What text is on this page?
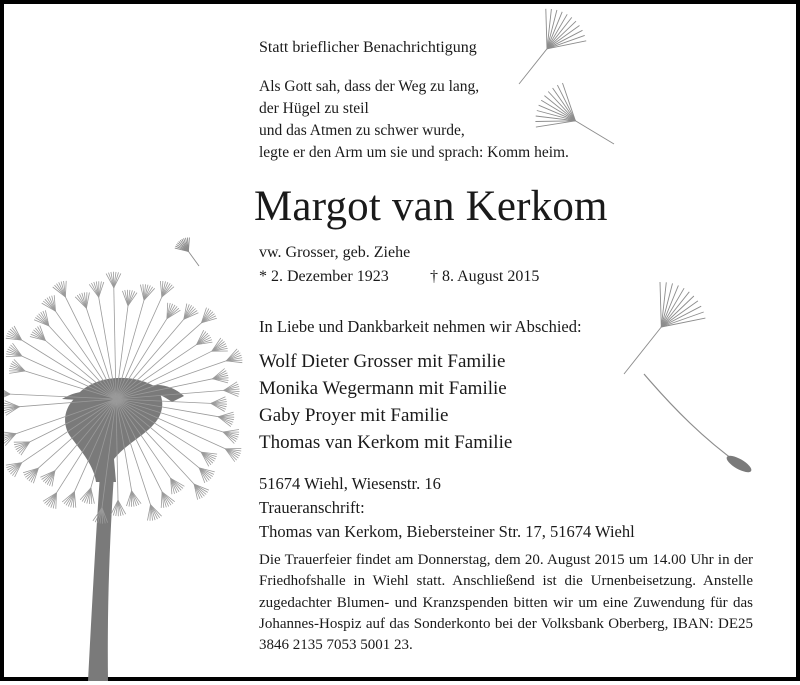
Statt brieflicher Benachrichtigung
Als Gott sah, dass der Weg zu lang,
der Hügel zu steil
und das Atmen zu schwer wurde,
legte er den Arm um sie und sprach: Komm heim.
Margot van Kerkom
vw. Grosser, geb. Ziehe
* 2. Dezember 1923	† 8. August 2015
In Liebe und Dankbarkeit nehmen wir Abschied:
Wolf Dieter Grosser mit Familie
Monika Wegermann mit Familie
Gaby Proyer mit Familie
Thomas van Kerkom mit Familie
51674 Wiehl, Wiesenstr. 16
Traueranschrift:
Thomas van Kerkom, Biebersteiner Str. 17, 51674 Wiehl
Die Trauerfeier findet am Donnerstag, dem 20. August 2015 um 14.00 Uhr in der Friedhofshalle in Wiehl statt. Anschließend ist die Urnenbeisetzung. Anstelle zugedachter Blumen- und Kranzspenden bitten wir um eine Zuwendung für das Johannes-Hospiz auf das Sonderkonto bei der Volksbank Oberberg, IBAN: DE25 3846 2135 7053 5001 23.
